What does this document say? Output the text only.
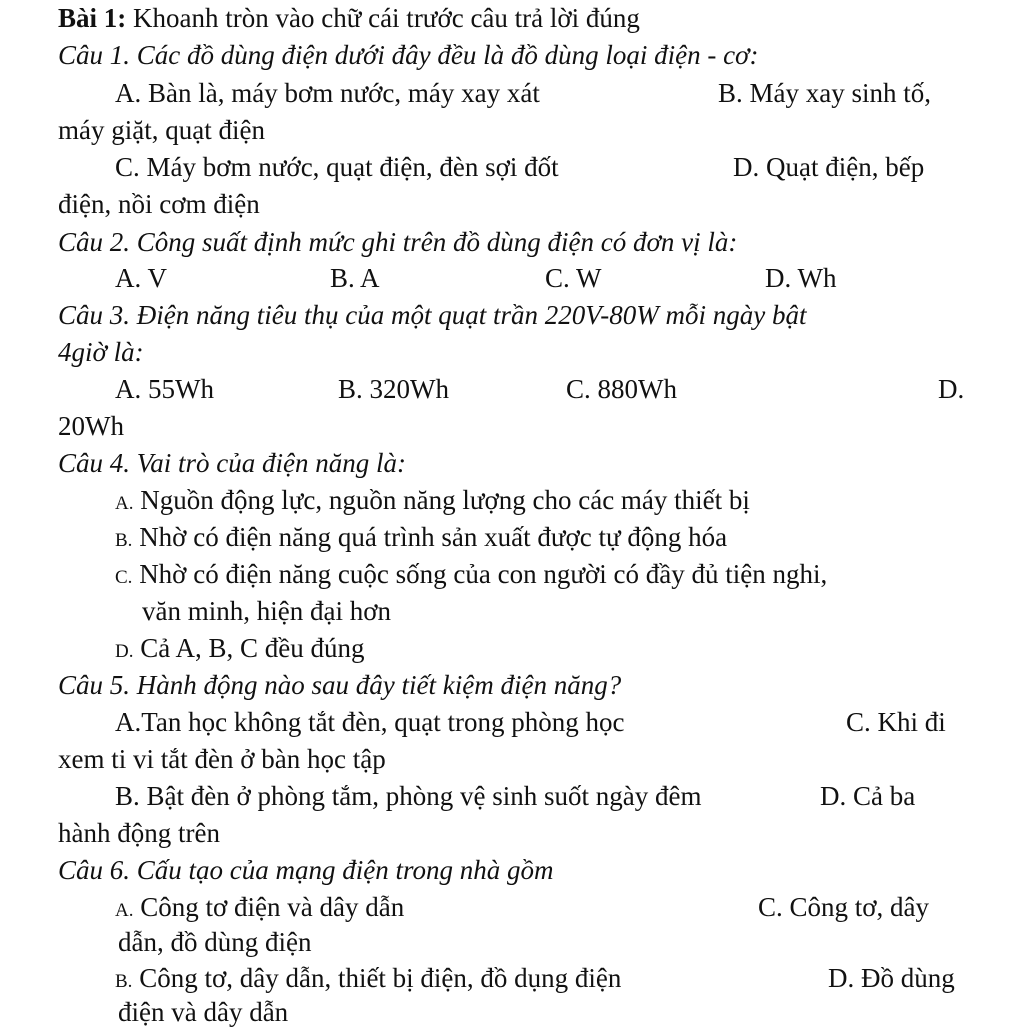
Bài 1: Khoanh tròn vào chữ cái trước câu trả lời đúng
Câu 1. Các đồ dùng điện dưới đây đều là đồ dùng loại điện - cơ:
A. Bàn là, máy bơm nước, máy xay xát	B. Máy xay sinh tố,
máy giặt, quạt điện
C. Máy bơm nước, quạt điện, đèn sợi đốt	D. Quạt điện, bếp
điện, nồi cơm điện
Câu 2. Công suất định mức ghi trên đồ dùng điện có đơn vị là:
A. V	B. A	C. W	D. Wh
Câu 3. Điện năng tiêu thụ của một quạt trần 220V-80W mỗi ngày bật
4giờ là:
A. 55Wh	B. 320Wh	C. 880Wh	D.
20Wh
Câu 4. Vai trò của điện năng là:
A. Nguồn động lực, nguồn năng lượng cho các máy thiết bị
B. Nhờ có điện năng quá trình sản xuất được tự động hóa
C. Nhờ có điện năng cuộc sống của con người có đầy đủ tiện nghi,
văn minh, hiện đại hơn
D. Cả A, B, C đều đúng
Câu 5. Hành động nào sau đây tiết kiệm điện năng?
A.Tan học không tắt đèn, quạt trong phòng học	C. Khi đi
xem ti vi tắt đèn ở bàn học tập
B. Bật đèn ở phòng tắm, phòng vệ sinh suốt ngày đêm	D. Cả ba
hành động trên
Câu 6. Cấu tạo của mạng điện trong nhà gồm
A. Công tơ điện và dây dẫn	C. Công tơ, dây
dẫn, đồ dùng điện
B. Công tơ, dây dẫn, thiết bị điện, đồ dụng điện	D. Đồ dùng
điện và dây dẫn
